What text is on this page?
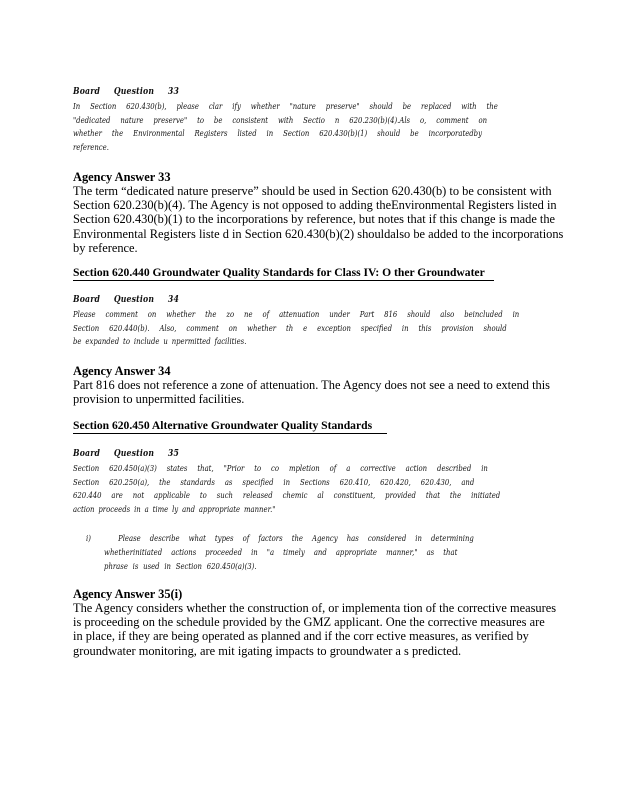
Board Question 33
In Section 620.430(b), please clar ify whether "nature preserve" should be replaced with the
"dedicated nature preserve" to be consistent with Sectio n 620.230(b)(4).Als o, comment on
whether the Environmental Registers listed in Section 620.430(b)(1) should be incorporatedby
reference.
Agency Answer 33
The term “dedicated nature preserve” should be used in Section 620.430(b) to be consistent with
Section 620.230(b)(4). The Agency is not opposed to adding theEnvironmental Registers listed in
Section 620.430(b)(1) to the incorporations by reference, but notes that if this change is made the
Environmental Registers liste d in Section 620.430(b)(2) shouldalso be added to the incorporations
by reference.
Section 620.440 Groundwater Quality Standards for Class IV: O ther Groundwater
Board Question 34
Please comment on whether the zo ne of attenuation under Part 816 should also beincluded in
Section 620.440(b). Also, comment on whether th e exception specified in this provision should
be expanded to include u npermitted facilities.
Agency Answer 34
Part 816 does not reference a zone of attenuation. The Agency does not see a need to extend this
provision to unpermitted facilities.
Section 620.450 Alternative Groundwater Quality Standards
Board Question 35
Section 620.450(a)(3) states that, "Prior to co mpletion of a corrective action described in
Section 620.250(a), the standards as specified in Sections 620.410, 620.420, 620.430, and
620.440 are not applicable to such released chemic al constituent, provided that the initiated
action proceeds in a time ly and appropriate manner."
i)	Please describe what types of factors the Agency has considered in determining
whetherinitiated actions proceeded in "a timely and appropriate manner," as that
phrase is used in Section 620.450(a)(3).
Agency Answer 35(i)
The Agency considers whether the construction of, or implementa tion of the corrective measures
is proceeding on the schedule provided by the GMZ applicant. One the corrective measures are
in place, if they are being operated as planned and if the corr ective measures, as verified by
groundwater monitoring, are mit igating impacts to groundwater a s predicted.
